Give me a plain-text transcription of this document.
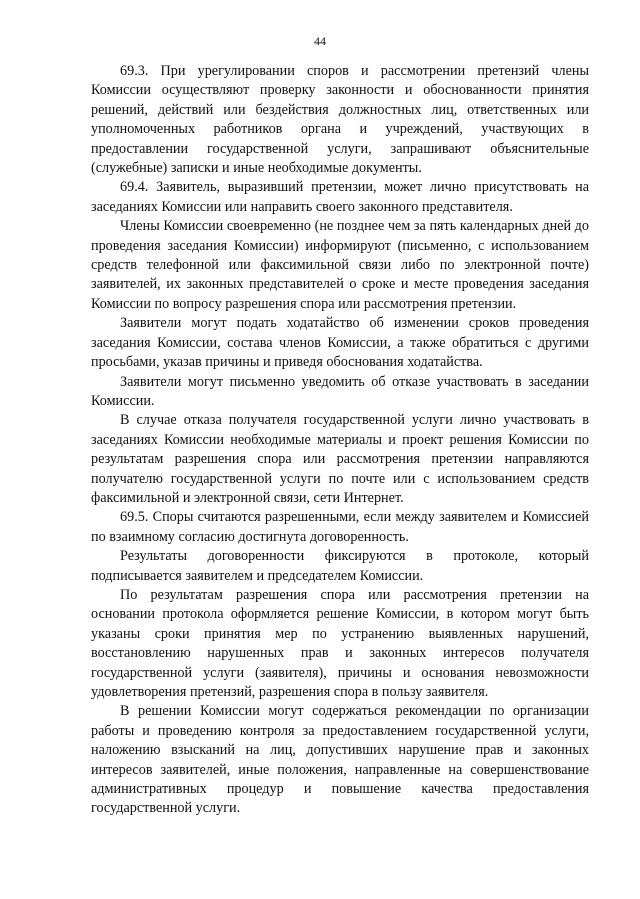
44

69.3. При урегулировании споров и рассмотрении претензий члены Комиссии осуществляют проверку законности и обоснованности принятия решений, действий или бездействия должностных лиц, ответственных или уполномоченных работников органа и учреждений, участвующих в предоставлении государственной услуги, запрашивают объяснительные (служебные) записки и иные необходимые документы.

69.4. Заявитель, выразивший претензии, может лично присутствовать на заседаниях Комиссии или направить своего законного представителя.

Члены Комиссии своевременно (не позднее чем за пять календарных дней до проведения заседания Комиссии) информируют (письменно, с использованием средств телефонной или факсимильной связи либо по электронной почте) заявителей, их законных представителей о сроке и месте проведения заседания Комиссии по вопросу разрешения спора или рассмотрения претензии.

Заявители могут подать ходатайство об изменении сроков проведения заседания Комиссии, состава членов Комиссии, а также обратиться с другими просьбами, указав причины и приведя обоснования ходатайства.

Заявители могут письменно уведомить об отказе участвовать в заседании Комиссии.

В случае отказа получателя государственной услуги лично участвовать в заседаниях Комиссии необходимые материалы и проект решения Комиссии по результатам разрешения спора или рассмотрения претензии направляются получателю государственной услуги по почте или с использованием средств факсимильной и электронной связи, сети Интернет.

69.5. Споры считаются разрешенными, если между заявителем и Комиссией по взаимному согласию достигнута договоренность.

Результаты договоренности фиксируются в протоколе, который подписывается заявителем и председателем Комиссии.

По результатам разрешения спора или рассмотрения претензии на основании протокола оформляется решение Комиссии, в котором могут быть указаны сроки принятия мер по устранению выявленных нарушений, восстановлению нарушенных прав и законных интересов получателя государственной услуги (заявителя), причины и основания невозможности удовлетворения претензий, разрешения спора в пользу заявителя.

В решении Комиссии могут содержаться рекомендации по организации работы и проведению контроля за предоставлением государственной услуги, наложению взысканий на лиц, допустивших нарушение прав и законных интересов заявителей, иные положения, направленные на совершенствование административных процедур и повышение качества предоставления государственной услуги.
